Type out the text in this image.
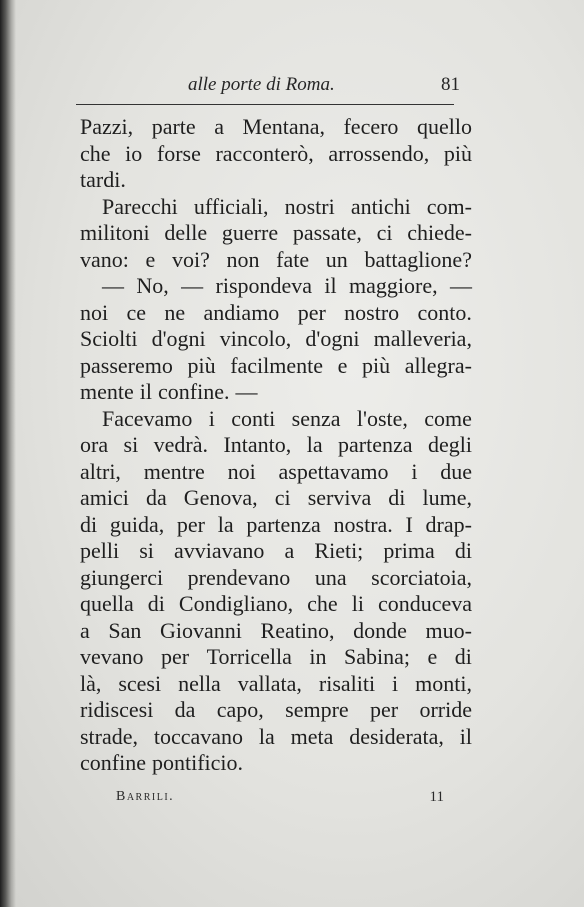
alle porte di Roma.	81
Pazzi, parte a Mentana, fecero quello
che io forse racconterò, arrossendo, più
tardi.
Parecchi ufficiali, nostri antichi com-
militoni delle guerre passate, ci chiede-
vano: e voi? non fate un battaglione?
— No, — rispondeva il maggiore, —
noi ce ne andiamo per nostro conto.
Sciolti d'ogni vincolo, d'ogni malleveria,
passeremo più facilmente e più allegra-
mente il confine. —
Facevamo i conti senza l'oste, come
ora si vedrà. Intanto, la partenza degli
altri, mentre noi aspettavamo i due
amici da Genova, ci serviva di lume,
di guida, per la partenza nostra. I drap-
pelli si avviavano a Rieti; prima di
giungerci prendevano una scorciatoia,
quella di Condigliano, che li conduceva
a San Giovanni Reatino, donde muo-
vevano per Torricella in Sabina; e di
là, scesi nella vallata, risaliti i monti,
ridiscesi da capo, sempre per orride
strade, toccavano la meta desiderata, il
confine pontificio.
Barrili.	11
